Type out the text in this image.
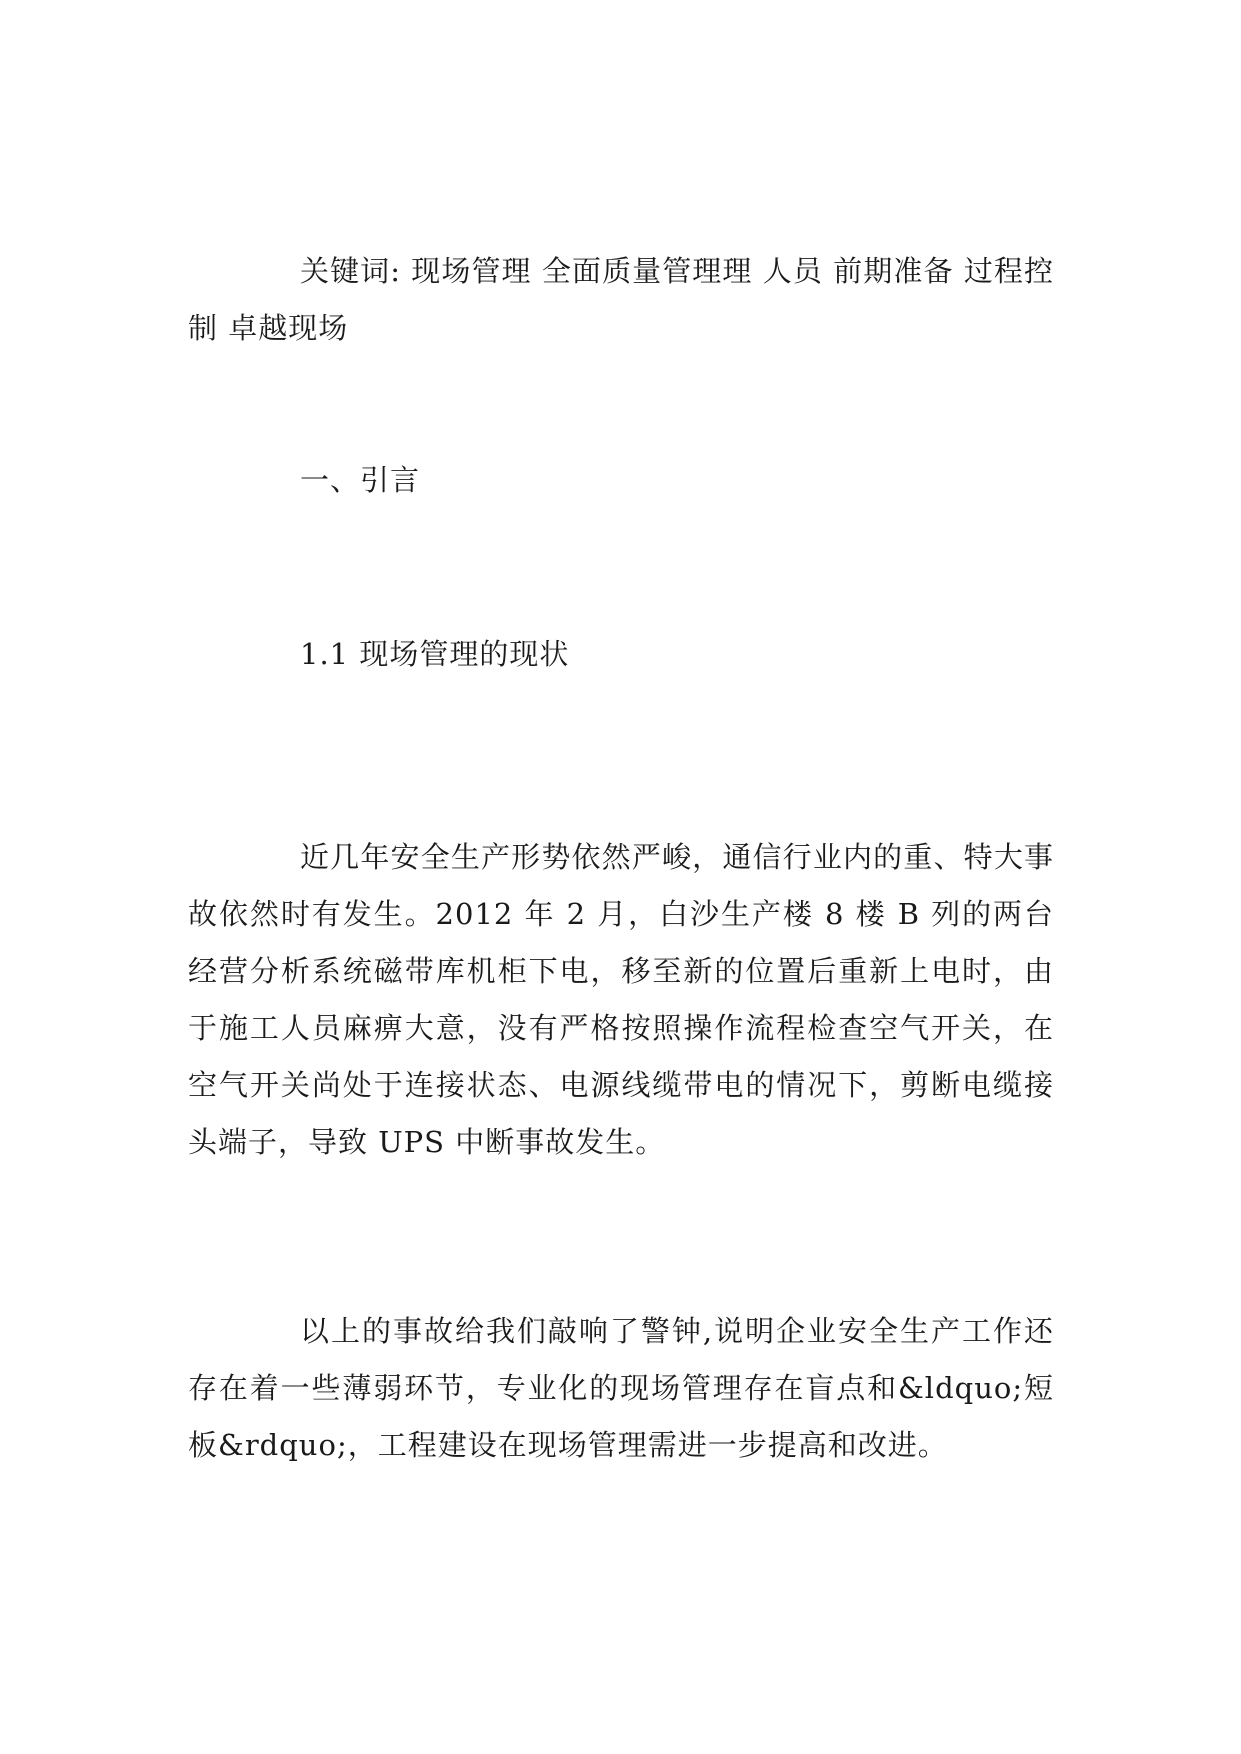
关键词: 现场管理 全面质量管理理 人员 前期准备 过程控制 卓越现场

一、引言
1.1 现场管理的现状

近几年安全生产形势依然严峻，通信行业内的重、特大事故依然时有发生。2012 年 2 月，白沙生产楼 8 楼 B 列的两台经营分析系统磁带库机柜下电，移至新的位置后重新上电时，由于施工人员麻痹大意，没有严格按照操作流程检查空气开关，在空气开关尚处于连接状态、电源线缆带电的情况下，剪断电缆接头端子，导致 UPS 中断事故发生。

以上的事故给我们敲响了警钟,说明企业安全生产工作还存在着一些薄弱环节，专业化的现场管理存在盲点和&ldquo;短板&rdquo;，工程建设在现场管理需进一步提高和改进。
